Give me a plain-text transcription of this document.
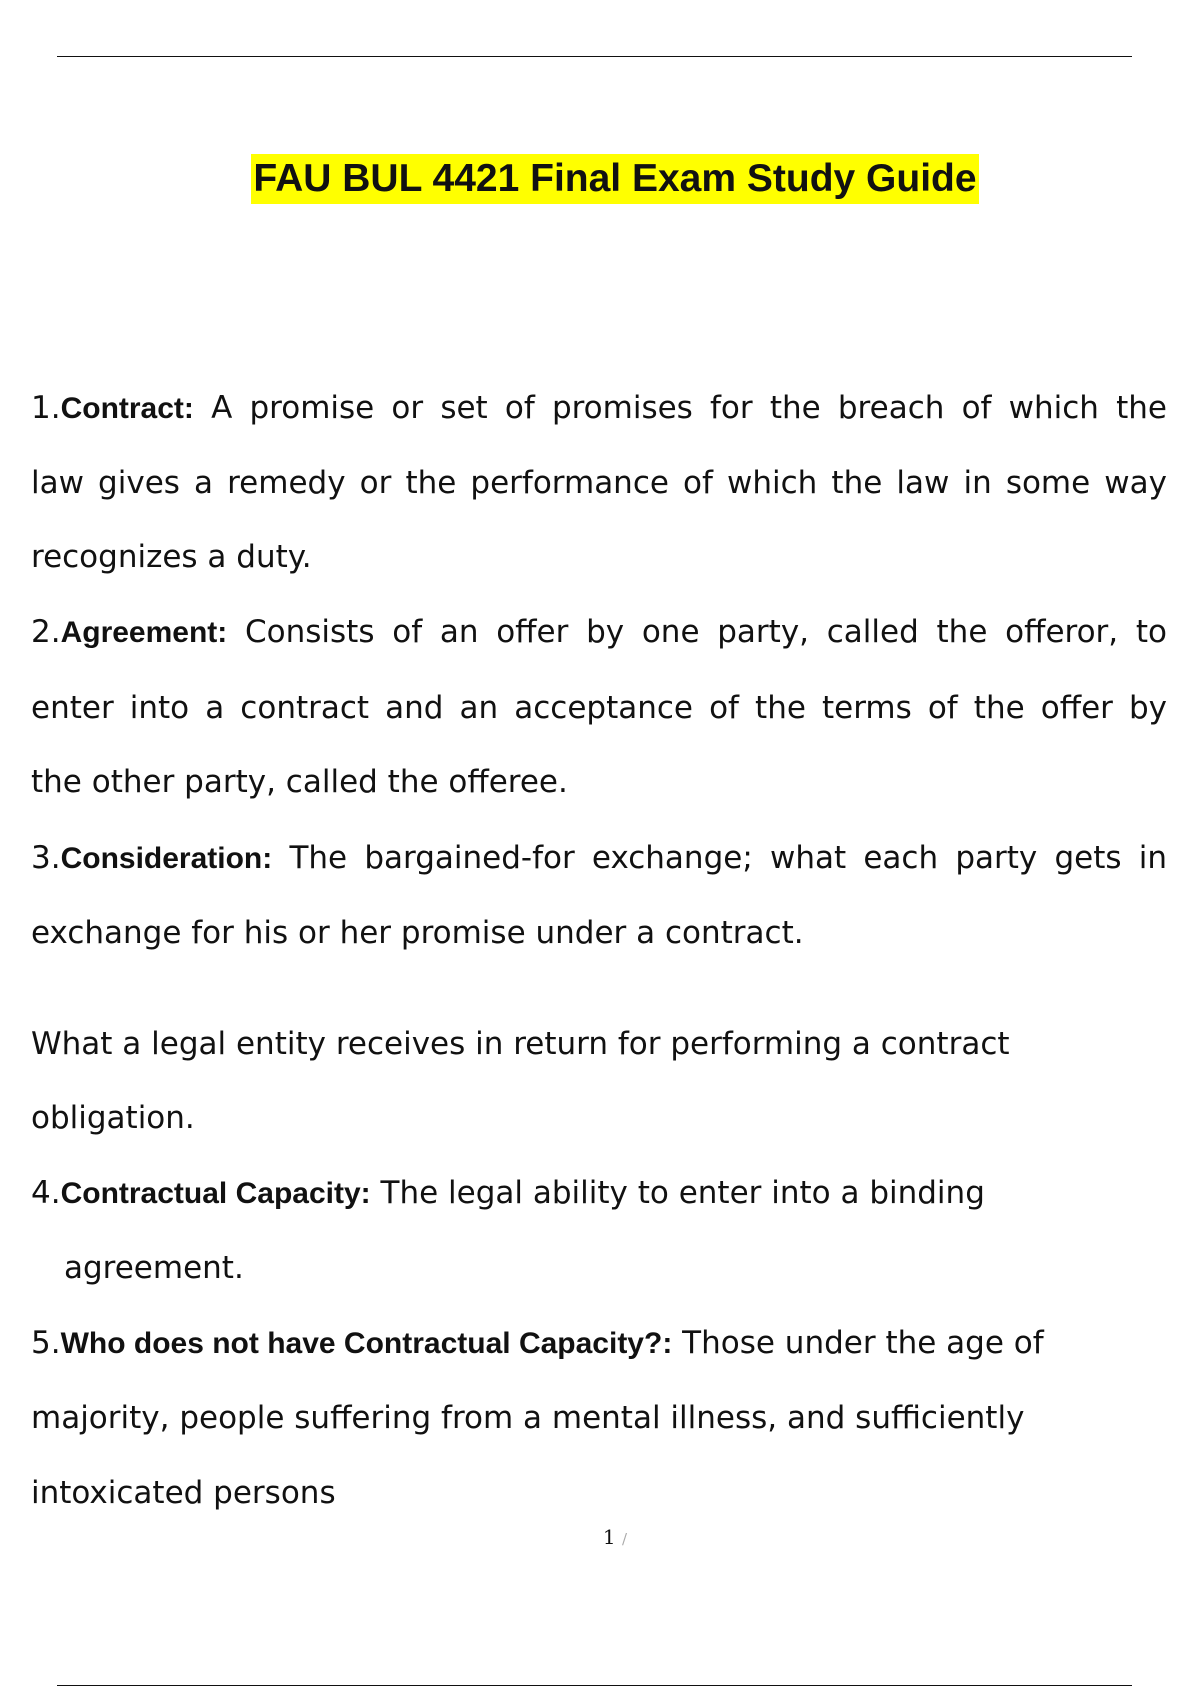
FAU BUL 4421 Final Exam Study Guide
1.Contract: A promise or set of promises for the breach of which the
law gives a remedy or the performance of which the law in some way
recognizes a duty.
2.Agreement: Consists of an offer by one party, called the offeror, to
enter into a contract and an acceptance of the terms of the offer by
the other party, called the offeree.
3.Consideration: The bargained-for exchange; what each party gets in
exchange for his or her promise under a contract.
What a legal entity receives in return for performing a contract
obligation.
4.Contractual Capacity: The legal ability to enter into a binding
agreement.
5.Who does not have Contractual Capacity?: Those under the age of
majority, people suffering from a mental illness, and sufficiently
intoxicated persons
1 /
